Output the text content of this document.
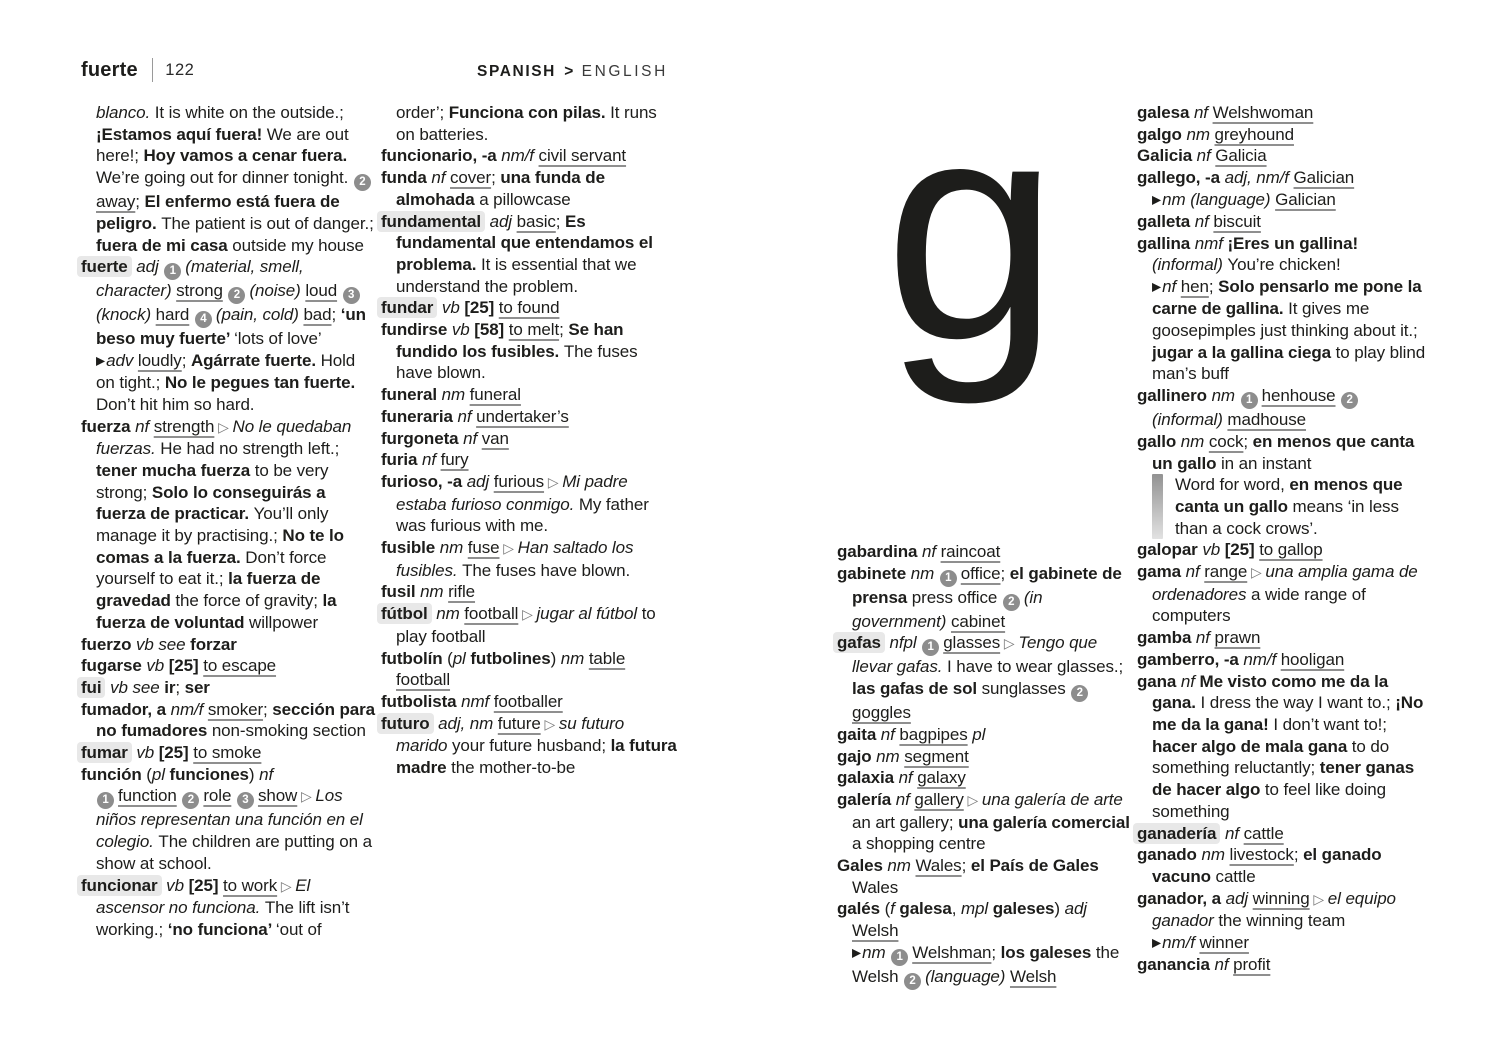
fuerte 122	SPANISH > ENGLISH g
blanco. It is white on the outside.; ¡Estamos aquí fuera! We are out here!; Hoy vamos a cenar fuera. We’re going out for dinner tonight. 2away; El enfermo está fuera de peligro. The patient is out of danger.; fuera de mi casa outside my house
fuerte adj 1 (material, smell, character) strong 2 (noise) loud 3(knock) hard 4 (pain, cold) bad; ‘un beso muy fuerte’ ‘lots of love’
▶adv loudly; Agárrate fuerte. Hold on tight.; No le pegues tan fuerte. Don’t hit him so hard.
fuerza nf strength ▷ No le quedaban fuerzas. He had no strength left.; tener mucha fuerza to be very strong; Solo lo conseguirás a fuerza de practicar. You’ll only manage it by practising.; No te lo comas a la fuerza. Don’t force yourself to eat it.; la fuerza de gravedad the force of gravity; la fuerza de voluntad willpower
fuerzo vb see forzar
fugarse vb [25] to escape
fui vb see ir; ser
fumador, a nm/f smoker; sección para no fumadores non-smoking section
fumar vb [25] to smoke
función (pl funciones) nf
1 function 2 role 3 show ▷ Los niños representan una función en el colegio. The children are putting on a show at school.
funcionar vb [25] to work ▷ El ascensor no funciona. The lift isn’t working.; ‘no funciona’ ‘out of
order’; Funciona con pilas. It runs on batteries.
funcionario, -a nm/f civil servant
funda nf cover; una funda de almohada a pillowcase
fundamental adj basic; Es fundamental que entendamos el problema. It is essential that we understand the problem.
fundar vb [25] to found
fundirse vb [58] to melt; Se han fundido los fusibles. The fuses have blown.
funeral nm funeral
funeraria nf undertaker’s
furgoneta nf van
furia nf fury
furioso, -a adj furious ▷ Mi padre estaba furioso conmigo. My father was furious with me.
fusible nm fuse ▷ Han saltado los fusibles. The fuses have blown.
fusil nm rifle
fútbol nm football ▷ jugar al fútbol to play football
futbolín (pl futbolines) nm table football
futbolista nmf footballer
futuro adj, nm future ▷ su futuro marido your future husband; la futura madre the mother-to-be
gabardina nf raincoat
gabinete nm 1 office; el gabinete de prensa press office 2 (in government) cabinet
gafas nfpl 1 glasses ▷ Tengo que llevar gafas. I have to wear glasses.; las gafas de sol sunglasses 2goggles
gaita nf bagpipes pl
gajo nm segment
galaxia nf galaxy
galería nf gallery ▷ una galería de arte an art gallery; una galería comercial a shopping centre
Gales nm Wales; el País de Gales Wales
galés (f galesa, mpl galeses) adj Welsh
▶nm 1 Welshman; los galeses the Welsh 2 (language) Welsh
galesa nf Welshwoman
galgo nm greyhound
Galicia nf Galicia
gallego, -a adj, nm/f Galician
▶nm (language) Galician
galleta nf biscuit
gallina nmf ¡Eres un gallina! (informal) You’re chicken!
▶nf hen; Solo pensarlo me pone la carne de gallina. It gives me goosepimples just thinking about it.; jugar a la gallina ciega to play blind man’s buff
gallinero nm 1 henhouse 2(informal) madhouse
gallo nm cock; en menos que canta un gallo in an instant
Word for word, en menos que canta un gallo means ‘in less than a cock crows’.
galopar vb [25] to gallop
gama nf range ▷ una amplia gama de ordenadores a wide range of computers
gamba nf prawn
gamberro, -a nm/f hooligan
gana nf Me visto como me da la gana. I dress the way I want to.; ¡No me da la gana! I don’t want to!; hacer algo de mala gana to do something reluctantly; tener ganas de hacer algo to feel like doing something
ganadería nf cattle
ganado nm livestock; el ganado vacuno cattle
ganador, a adj winning ▷ el equipo ganador the winning team
▶nm/f winner
ganancia nf profit
